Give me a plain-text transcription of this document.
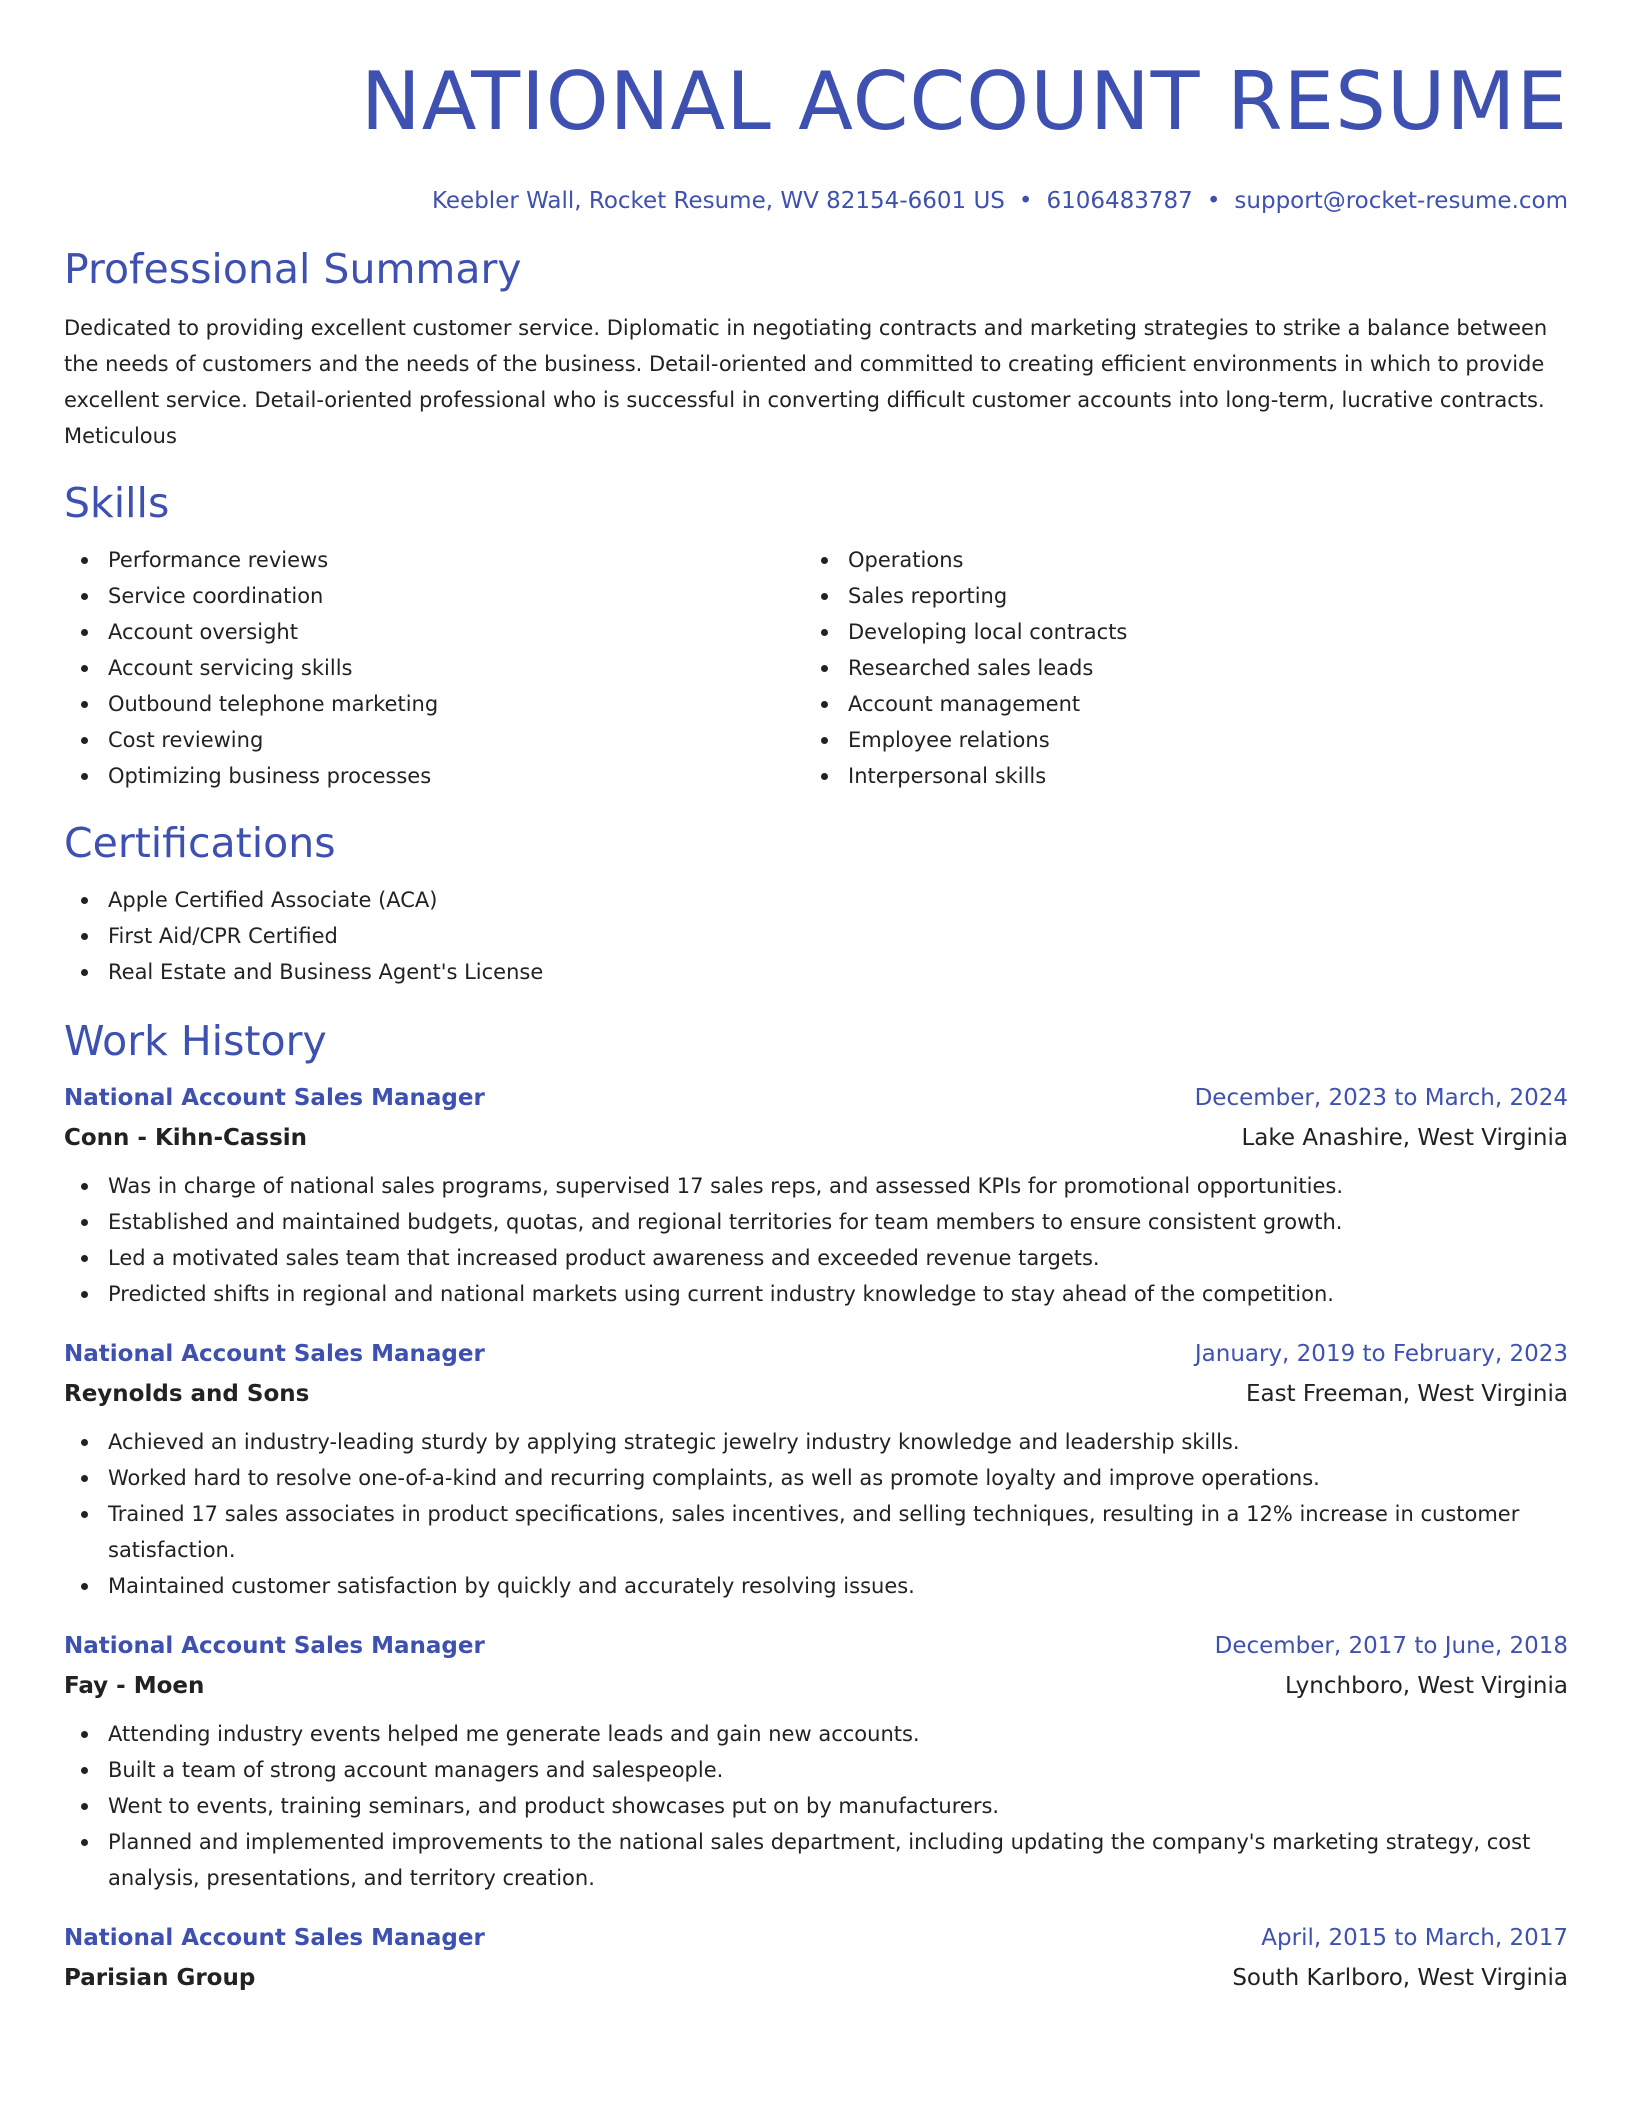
NATIONAL ACCOUNT RESUME
Keebler Wall, Rocket Resume, WV 82154-6601 US • 6106483787 • support@rocket-resume.com
Professional Summary

Dedicated to providing excellent customer service. Diplomatic in negotiating contracts and marketing strategies to strike a balance between the needs of customers and the needs of the business. Detail-oriented and committed to creating efficient environments in which to provide excellent service. Detail-oriented professional who is successful in converting difficult customer accounts into long-term, lucrative contracts. Meticulous

Skills
Performance reviews
Service coordination
Account oversight
Account servicing skills
Outbound telephone marketing
Cost reviewing
Optimizing business processes
Operations
Sales reporting
Developing local contracts
Researched sales leads
Account management
Employee relations
Interpersonal skills
Certifications
Apple Certified Associate (ACA)
First Aid/CPR Certified
Real Estate and Business Agent's License
Work History
National Account Sales Manager	December, 2023 to March, 2024
Conn - Kihn-Cassin	Lake Anashire, West Virginia
Was in charge of national sales programs, supervised 17 sales reps, and assessed KPIs for promotional opportunities.
Established and maintained budgets, quotas, and regional territories for team members to ensure consistent growth.
Led a motivated sales team that increased product awareness and exceeded revenue targets.
Predicted shifts in regional and national markets using current industry knowledge to stay ahead of the competition.
National Account Sales Manager	January, 2019 to February, 2023
Reynolds and Sons	East Freeman, West Virginia
Achieved an industry-leading sturdy by applying strategic jewelry industry knowledge and leadership skills.
Worked hard to resolve one-of-a-kind and recurring complaints, as well as promote loyalty and improve operations.
Trained 17 sales associates in product specifications, sales incentives, and selling techniques, resulting in a 12% increase in customer satisfaction.
Maintained customer satisfaction by quickly and accurately resolving issues.
National Account Sales Manager	December, 2017 to June, 2018
Fay - Moen	Lynchboro, West Virginia
Attending industry events helped me generate leads and gain new accounts.
Built a team of strong account managers and salespeople.
Went to events, training seminars, and product showcases put on by manufacturers.
Planned and implemented improvements to the national sales department, including updating the company's marketing strategy, cost analysis, presentations, and territory creation.
National Account Sales Manager	April, 2015 to March, 2017
Parisian Group	South Karlboro, West Virginia
